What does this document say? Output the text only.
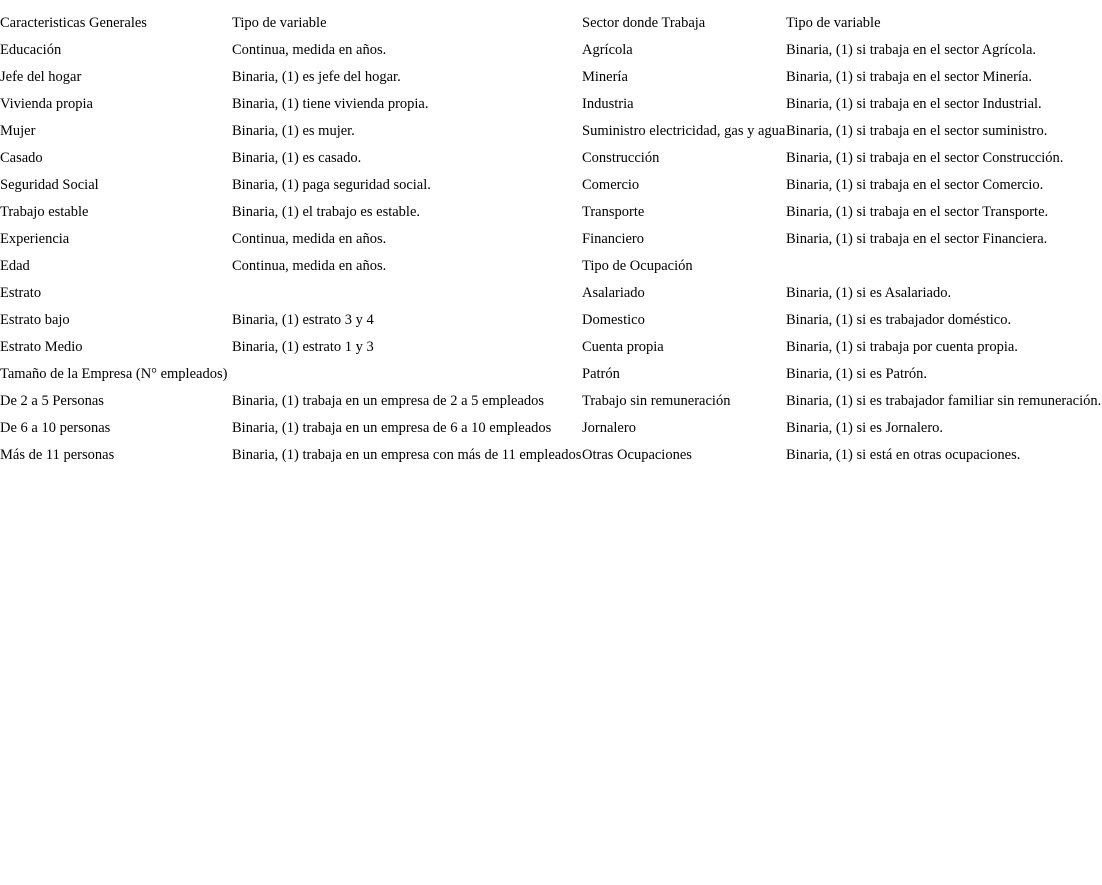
Caracteristicas Generales	Tipo de variable	Sector donde Trabaja	Tipo de variable
Educación	Continua, medida en años.	Agrícola	Binaria, (1) si trabaja en el sector Agrícola.
Jefe del hogar	Binaria, (1) es jefe del hogar.	Minería	Binaria, (1) si trabaja en el sector Minería.
Vivienda propia	Binaria, (1) tiene vivienda propia.	Industria	Binaria, (1) si trabaja en el sector Industrial.
Mujer	Binaria, (1) es mujer.	Suministro electricidad, gas y agua	Binaria, (1) si trabaja en el sector suministro.
Casado	Binaria, (1) es casado.	Construcción	Binaria, (1) si trabaja en el sector Construcción.
Seguridad Social	Binaria, (1) paga seguridad social.	Comercio	Binaria, (1) si trabaja en el sector Comercio.
Trabajo estable	Binaria, (1) el trabajo es estable.	Transporte	Binaria, (1) si trabaja en el sector Transporte.
Experiencia	Continua, medida en años.	Financiero	Binaria, (1) si trabaja en el sector Financiera.
Edad	Continua, medida en años.	Tipo de Ocupación	
Estrato		Asalariado	Binaria, (1) si es Asalariado.
Estrato bajo	Binaria, (1) estrato 3 y 4	Domestico	Binaria, (1) si es trabajador doméstico.
Estrato Medio	Binaria, (1) estrato 1 y 3	Cuenta propia	Binaria, (1) si trabaja por cuenta propia.
Tamaño de la Empresa (N° empleados)		Patrón	Binaria, (1) si es Patrón.
De 2 a 5 Personas	Binaria, (1) trabaja en un empresa de 2 a 5 empleados	Trabajo sin remuneración	Binaria, (1) si es trabajador familiar sin remuneración.
De 6 a 10 personas	Binaria, (1) trabaja en un empresa de 6 a 10 empleados	Jornalero	Binaria, (1) si es Jornalero.
Más de 11 personas	Binaria, (1) trabaja en un empresa con más de 11 empleados	Otras Ocupaciones	Binaria, (1) si está en otras ocupaciones.
